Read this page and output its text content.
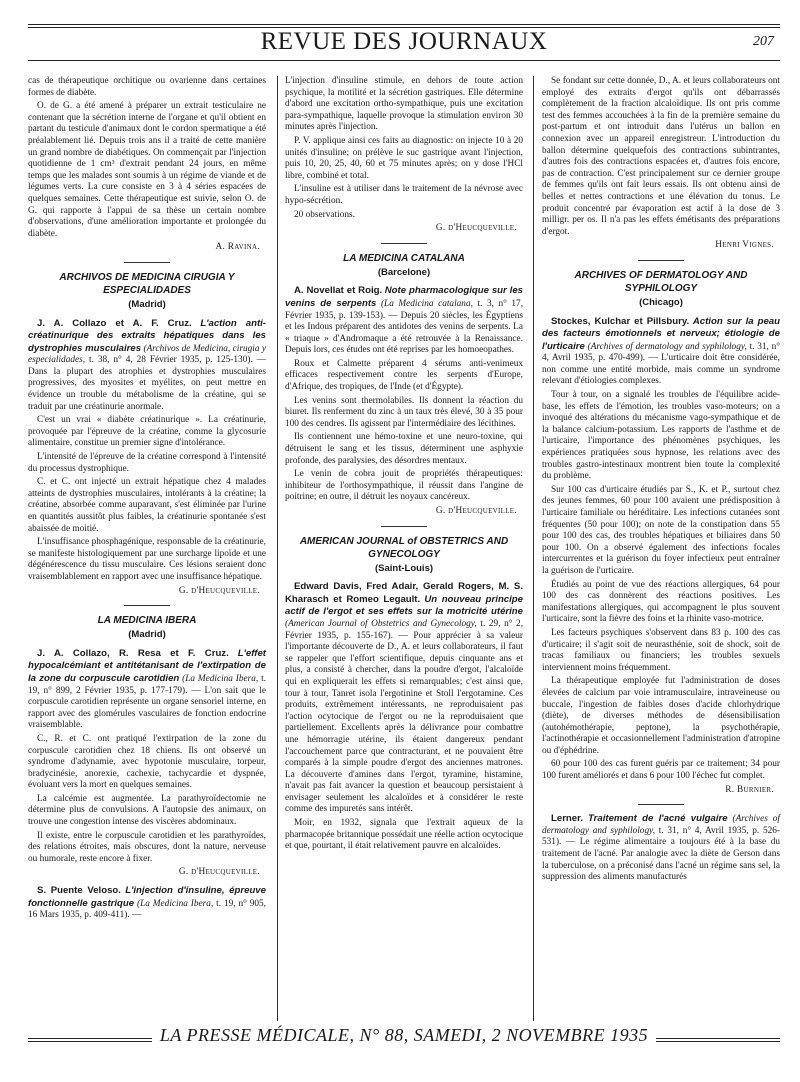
REVUE DES JOURNAUX	207

cas de thérapeutique orchitique ou ovarienne dans certaines formes de diabète.

O. de G. a été amené à préparer un extrait testiculaire ne contenant que la sécrétion interne de l'organe et qu'il obtient en partant du testicule d'animaux dont le cordon spermatique a été préalablement lié. Depuis trois ans il a traité de cette manière un grand nombre de diabétiques. On commençait par l'injection quotidienne de 1 cm³ d'extrait pendant 24 jours, en même temps que les malades sont soumis à un régime de viande et de légumes verts. La cure consiste en 3 à 4 séries espacées de quelques semaines. Cette thérapeutique est suivie, selon O. de G. qui rapporte à l'appui de sa thèse un certain nombre d'observations, d'une amélioration importante et prolongée du diabète.

A. Ravina.

ARCHIVOS DE MEDICINA CIRUGIA Y ESPECIALIDADES
(Madrid)

J. A. Collazo et A. F. Cruz. L'action anti-créatinurique des extraits hépatiques dans les dystrophies musculaires (Archivos de Medicina, cirugia y especialidades, t. 38, n° 4, 28 Février 1935, p. 125-130). — Dans la plupart des atrophies et dystrophies musculaires progressives, des myosites et myélites, on peut mettre en évidence un trouble du métabolisme de la créatine, qui se traduit par une créatinurie anormale.

C'est un vrai « diabète créatinurique ». La créatinurie, provoquée par l'épreuve de la créatine, comme la glycosurie alimentaire, constitue un premier signe d'intolérance.

L'intensité de l'épreuve de la créatine correspond à l'intensité du processus dystrophique.

C. et C. ont injecté un extrait hépatique chez 4 malades atteints de dystrophies musculaires, intolérants à la créatine; la créatine, absorbée comme auparavant, s'est éliminée par l'urine en quantités aussitôt plus faibles, la créatinurie spontanée s'est abaissée de moitié.

L'insuffisance phosphagénique, responsable de la créatinurie, se manifeste histologiquement par une surcharge lipoïde et une dégénérescence du tissu musculaire. Ces lésions seraient donc vraisemblablement en rapport avec une insuffisance hépatique.

G. d'Heucqueville.

LA MEDICINA IBERA
(Madrid)

J. A. Collazo, R. Resa et F. Cruz. L'effet hypocalcémiant et antitétanisant de l'extirpation de la zone du corpuscule carotidien (La Medicina Ibera, t. 19, n° 899, 2 Février 1935, p. 177-179). — L'on sait que le corpuscule carotidien représente un organe sensoriel interne, en rapport avec des glomérules vasculaires de fonction endocrine vraisemblable.

C., R. et C. ont pratiqué l'extirpation de la zone du corpuscule carotidien chez 18 chiens. Ils ont observé un syndrome d'adynamie, avec hypotonie musculaire, torpeur, bradycinésie, anorexie, cachexie, tachycardie et dyspnée, évoluant vers la mort en quelques semaines.

La calcémie est augmentée. La parathyroïdectomie ne détermine plus de convulsions. A l'autopsie des animaux, on trouve une congestion intense des viscères abdominaux.

Il existe, entre le corpuscule carotidien et les parathyroïdes, des relations étroites, mais obscures, dont la nature, nerveuse ou humorale, reste encore à fixer.

G. d'Heucqueville.

S. Puente Veloso. L'injection d'insuline, épreuve fonctionnelle gastrique (La Medicina Ibera, t. 19, n° 905, 16 Mars 1935, p. 409-411). —

L'injection d'insuline stimule, en dehors de toute action psychique, la motilité et la sécrétion gastriques. Elle détermine d'abord une excitation ortho-sympathique, puis une excitation para-sympathique, laquelle provoque la stimulation environ 30 minutes après l'injection.

P. V. applique ainsi ces faits au diagnostic: on injecte 10 à 20 unités d'insuline; on prélève le suc gastrique avant l'injection, puis 10, 20, 25, 40, 60 et 75 minutes après; on y dose l'HCl libre, combiné et total.

L'insuline est à utiliser dans le traitement de la névrose avec hypo-sécrétion.

20 observations.

G. d'Heucqueville.

LA MEDICINA CATALANA
(Barcelone)

A. Novellat et Roig. Note pharmacologique sur les venins de serpents (La Medicina catalana, t. 3, n° 17, Février 1935, p. 139-153). — Depuis 20 siècles, les Égyptiens et les Indous préparent des antidotes des venins de serpents. La « triaque » d'Andromaque a été retrouvée à la Renaissance. Depuis lors, ces études ont été reprises par les homoeopathes.

Roux et Calmette préparent 4 sérums anti-venimeux efficaces respectivement contre les serpents d'Europe, d'Afrique, des tropiques, de l'Inde (et d'Égypte).

Les venins sont thermolabiles. Ils donnent la réaction du biuret. Ils renferment du zinc à un taux très élevé, 30 à 35 pour 100 des cendres. Ils agissent par l'intermédiaire des lécithines.

Ils contiennent une hémo-toxine et une neuro-toxine, qui détruisent le sang et les tissus, déterminent une asphyxie profonde, des paralysies, des désordres mentaux.

Le venin de cobra jouit de propriétés thérapeutiques: inhibiteur de l'orthosympathique, il réussit dans l'angine de poitrine; en outre, il détruit les noyaux cancéreux.

G. d'Heucqueville.

AMERICAN JOURNAL of OBSTETRICS AND GYNECOLOGY
(Saint-Louis)

Edward Davis, Fred Adair, Gerald Rogers, M. S. Kharasch et Romeo Legault. Un nouveau principe actif de l'ergot et ses effets sur la motricité utérine (American Journal of Obstetrics and Gynecology, t. 29, n° 2, Février 1935, p. 155-167). — Pour apprécier à sa valeur l'importante découverte de D., A. et leurs collaborateurs, il faut se rappeler que l'effort scientifique, depuis cinquante ans et plus, a consisté à chercher, dans la poudre d'ergot, l'alcaloïde qui en expliquerait les effets si remarquables; c'est ainsi que, tour à tour, Tanret isola l'ergotinine et Stoll l'ergotamine. Ces produits, extrêmement intéressants, ne reproduisaient pas l'action ocytocique de l'ergot ou ne la reproduisaient que partiellement. Excellents après la délivrance pour combattre une hémorragie utérine, ils étaient dangereux pendant l'accouchement parce que contracturant, et ne pouvaient être comparés à la simple poudre d'ergot des anciennes matrones. La découverte d'amines dans l'ergot, tyramine, histamine, n'avait pas fait avancer la question et beaucoup persistaient à envisager seulement les alcaloïdes et à considérer le reste comme des impuretés sans intérêt.

Moir, en 1932, signala que l'extrait aqueux de la pharmacopée britannique possédait une réelle action ocytocique et que, pourtant, il était relativement pauvre en alcaloïdes.

Se fondant sur cette donnée, D., A. et leurs collaborateurs ont employé des extraits d'ergot qu'ils ont débarrassés complètement de la fraction alcaloïdique. Ils ont pris comme test des femmes accouchées à la fin de la première semaine du post-partum et ont introduit dans l'utérus un ballon en connexion avec un appareil enregistreur. L'introduction du ballon détermine quelquefois des contractions subintrantes, d'autres fois des contractions espacées et, d'autres fois encore, pas de contraction. C'est principalement sur ce dernier groupe de femmes qu'ils ont fait leurs essais. Ils ont obtenu ainsi de belles et nettes contractions et une élévation du tonus. Le produit concentré par évaporation est actif à la dose de 3 milligr. per os. Il n'a pas les effets émétisants des préparations d'ergot.

Henri Vignes.

ARCHIVES OF DERMATOLOGY AND SYPHILOLOGY
(Chicago)

Stockes, Kulchar et Pillsbury. Action sur la peau des facteurs émotionnels et nerveux; étiologie de l'urticaire (Archives of dermatology and syphilology, t. 31, n° 4, Avril 1935, p. 470-499). — L'urticaire doit être considérée, non comme une entité morbide, mais comme un syndrome relevant d'étiologies complexes.

Tour à tour, on a signalé les troubles de l'équilibre acide-base, les effets de l'émotion, les troubles vaso-moteurs; on a invoqué des altérations du mécanisme vago-sympathique et de la balance calcium-potassium. Les rapports de l'asthme et de l'urticaire, l'importance des phénomènes psychiques, les expériences pratiquées sous hypnose, les relations avec des troubles gastro-intestinaux montrent bien toute la complexité du problème.

Sur 100 cas d'urticaire étudiés par S., K. et P., surtout chez des jeunes femmes, 60 pour 100 avaient une prédisposition à l'urticaire familiale ou héréditaire. Les infections cutanées sont fréquentes (50 pour 100); on note de la constipation dans 55 pour 100 des cas, des troubles hépatiques et biliaires dans 50 pour 100. On a observé également des infections focales intercurrentes et la guérison du foyer infectieux peut entraîner la guérison de l'urticaire.

Étudiés au point de vue des réactions allergiques, 64 pour 100 des cas donnèrent des réactions positives. Les manifestations allergiques, qui accompagnent le plus souvent l'urticaire, sont la fièvre des foins et la rhinite vaso-motrice.

Les facteurs psychiques s'observent dans 83 p. 100 des cas d'urticaire; il s'agit soit de neurasthénie, soit de shock, soit de tracas familiaux ou financiers; les troubles sexuels interviennent moins fréquemment.

La thérapeutique employée fut l'administration de doses élevées de calcium par voie intramusculaire, intraveineuse ou buccale, l'ingestion de faibles doses d'acide chlorhydrique (diète), de diverses méthodes de désensibilisation (autohémothérapie, peptone), la psychothérapie, l'actinothérapie et occasionnellement l'administration d'atropine ou d'éphédrine.

60 pour 100 des cas furent guéris par ce traitement; 34 pour 100 furent améliorés et dans 6 pour 100 l'échec fut complet.

R. Burnier.

Lerner. Traitement de l'acné vulgaire (Archives of dermatology and syphilology, t. 31, n° 4, Avril 1935, p. 526-531). — Le régime alimentaire a toujours été à la base du traitement de l'acné. Par analogie avec la diète de Gerson dans la tuberculose, on a préconisé dans l'acné un régime sans sel, la suppression des aliments manufacturés

LA PRESSE MÉDICALE, N° 88, SAMEDI, 2 NOVEMBRE 1935
